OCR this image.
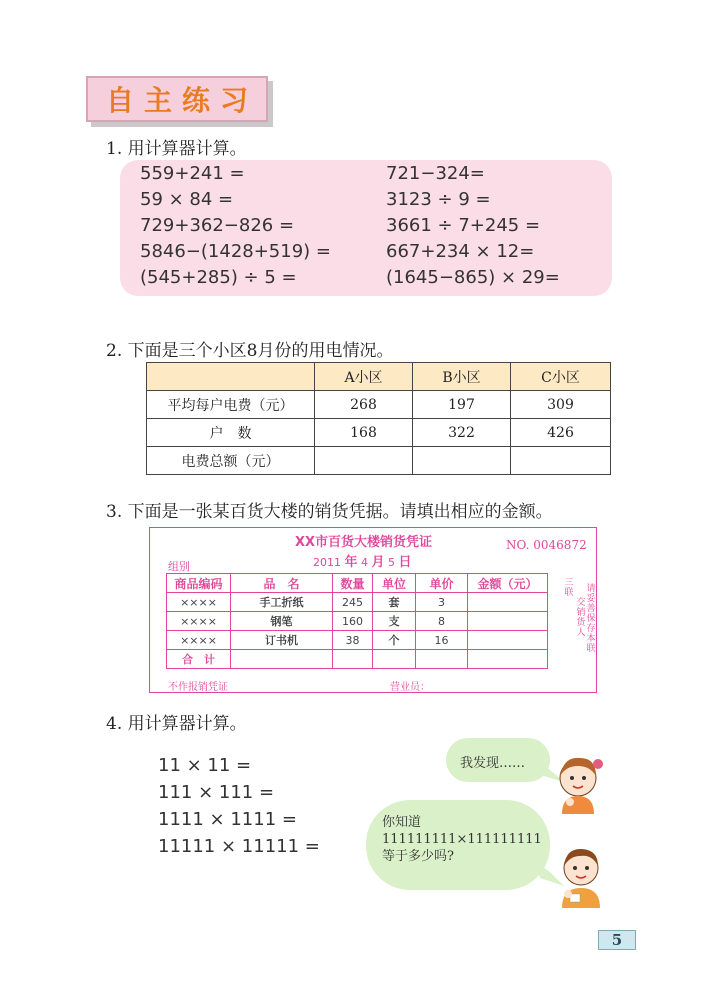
自主练习
1. 用计算器计算。
559+241 =
59 × 84 =
729+362−826 =
5846−(1428+519) =
(545+285) ÷ 5 =
721−324=
3123 ÷ 9 =
3661 ÷ 7+245 =
667+234 × 12=
(1645−865) × 29=
2. 下面是三个小区8月份的用电情况。
	A小区	B小区	C小区
平均每户电费（元）	268	197	309
户　数	168	322	426
电费总额（元）			
3. 下面是一张某百货大楼的销货凭据。请填出相应的金额。
XX市百货大楼销货凭证	NO. 0046872
2011 年 4 月 5 日
组别
商品编码	品　名	数量	单位	单价	金额（元）
××××	手工折纸	245	套	3	
××××	钢笔	160	支	8	
××××	订书机	38	个	16	
合　计					
三联
交销货人
请妥善保存本联
不作报销凭证	营业员：
4. 用计算器计算。
11 × 11 =
111 × 111 =
1111 × 1111 =
11111 × 11111 =
我发现……
你知道
111111111×111111111
等于多少吗?
5
